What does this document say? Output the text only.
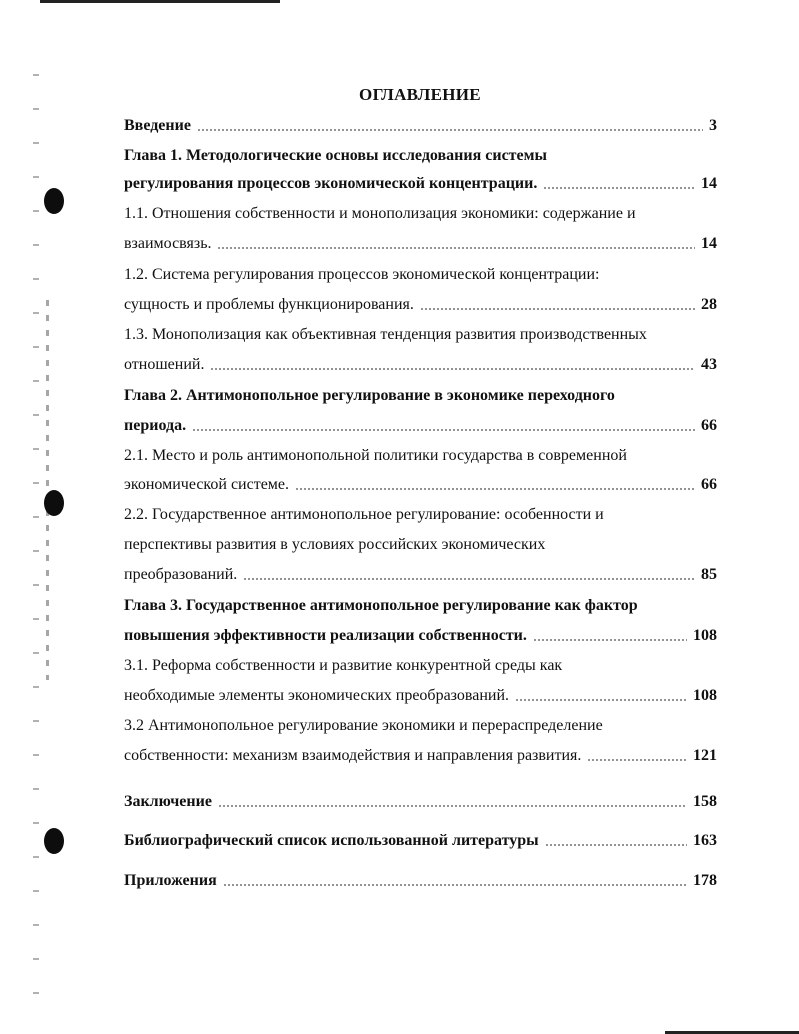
ОГЛАВЛЕНИЕ
Введение	3
Глава 1. Методологические основы исследования системы
регулирования процессов экономической концентрации.	14
1.1. Отношения собственности и монополизация экономики: содержание и
взаимосвязь.	14
1.2. Система регулирования процессов экономической концентрации:
сущность и проблемы функционирования.	28
1.3. Монополизация как объективная тенденция развития производственных
отношений.	43
Глава 2. Антимонопольное регулирование в экономике переходного
периода.	66
2.1. Место и роль антимонопольной политики государства в современной
экономической системе.	66
2.2. Государственное антимонопольное регулирование: особенности и
перспективы развития в условиях российских экономических
преобразований.	85
Глава 3. Государственное антимонопольное регулирование как фактор
повышения эффективности реализации собственности.	108
3.1. Реформа собственности и развитие конкурентной среды как
необходимые элементы экономических преобразований.	108
3.2 Антимонопольное регулирование экономики и перераспределение
собственности: механизм взаимодействия и направления развития.	121
Заключение	158
Библиографический список использованной литературы	163
Приложения	178
